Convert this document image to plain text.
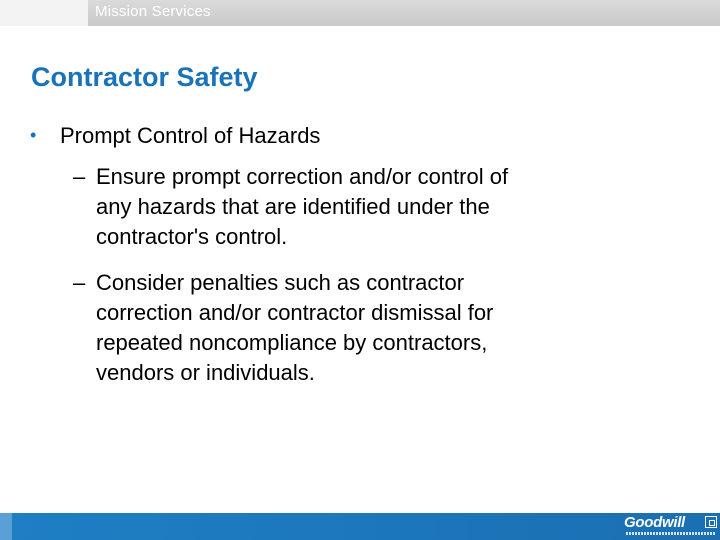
Mission Services
Contractor Safety
• Prompt Control of Hazards
– Ensure prompt correction and/or control of
any hazards that are identified under the
contractor's control.
– Consider penalties such as contractor
correction and/or contractor dismissal for
repeated noncompliance by contractors,
vendors or individuals.
Goodwill
